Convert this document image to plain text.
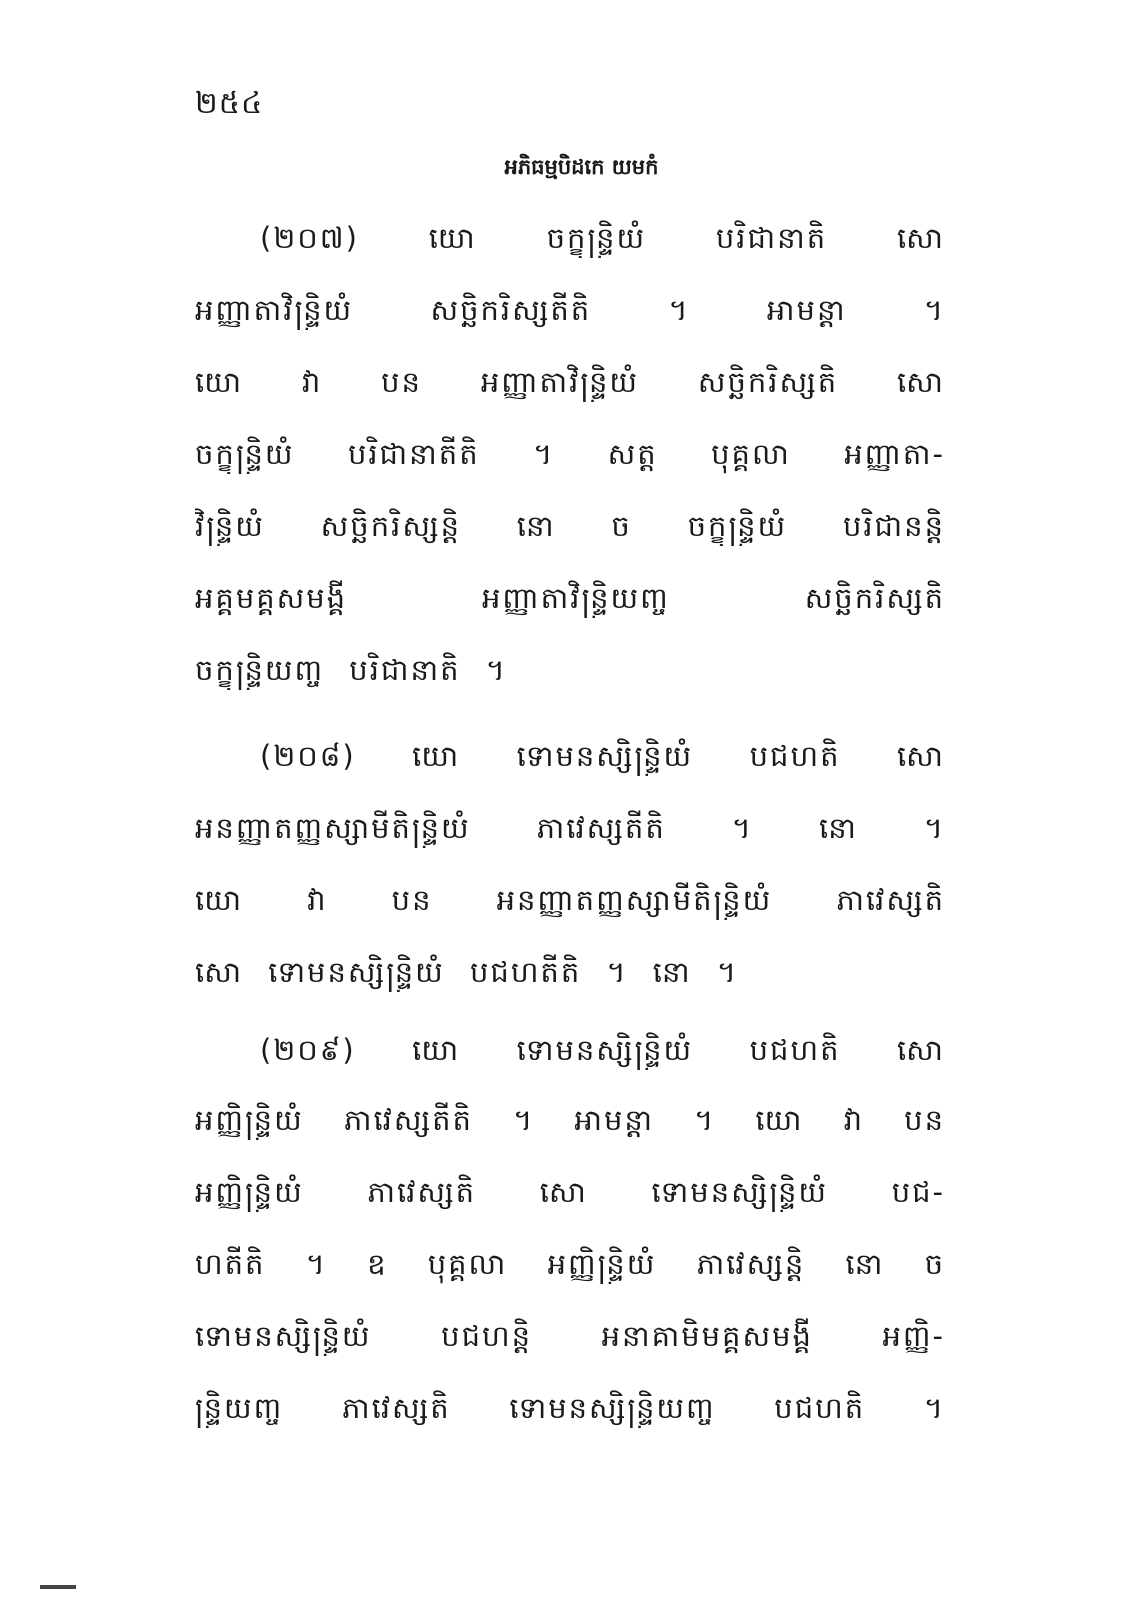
២៥៤
អភិធម្មបិដកេ យមកំ
(២០៧) យោ ចក្ខុន្ទ្រិយំ បរិជានាតិ សោ
អញ្ញាតាវិន្ទ្រិយំ សច្ឆិករិស្សតីតិ ។ អាមន្តា ។
យោ វា បន អញ្ញាតាវិន្ទ្រិយំ សច្ឆិករិស្សតិ សោ
ចក្ខុន្ទ្រិយំ បរិជានាតីតិ ។ សត្ត បុគ្គលា អញ្ញាតា-
វិន្ទ្រិយំ សច្ឆិករិស្សន្តិ នោ ច ចក្ខុន្ទ្រិយំ បរិជានន្តិ
អគ្គមគ្គសមង្គី អញ្ញាតាវិន្ទ្រិយញ្ច សច្ឆិករិស្សតិ
ចក្ខុន្ទ្រិយញ្ច បរិជានាតិ ។
(២០៨) យោ ទោមនស្សិន្ទ្រិយំ បជហតិ សោ
អនញ្ញាតញ្ញស្សាមីតិន្ទ្រិយំ ភាវេស្សតីតិ ។ នោ ។
យោ វា បន អនញ្ញាតញ្ញស្សាមីតិន្ទ្រិយំ ភាវេស្សតិ
សោ ទោមនស្សិន្ទ្រិយំ បជហតីតិ ។ នោ ។
(២០៩) យោ ទោមនស្សិន្ទ្រិយំ បជហតិ សោ
អញ្ញិន្ទ្រិយំ ភាវេស្សតីតិ ។ អាមន្តា ។ យោ វា បន
អញ្ញិន្ទ្រិយំ ភាវេស្សតិ សោ ទោមនស្សិន្ទ្រិយំ បជ-
ហតីតិ ។ ឧ បុគ្គលា អញ្ញិន្ទ្រិយំ ភាវេស្សន្តិ នោ ច
ទោមនស្សិន្ទ្រិយំ បជហន្តិ អនាគាមិមគ្គសមង្គី អញ្ញិ-
ន្ទ្រិយញ្ច ភាវេស្សតិ ទោមនស្សិន្ទ្រិយញ្ច បជហតិ ។
